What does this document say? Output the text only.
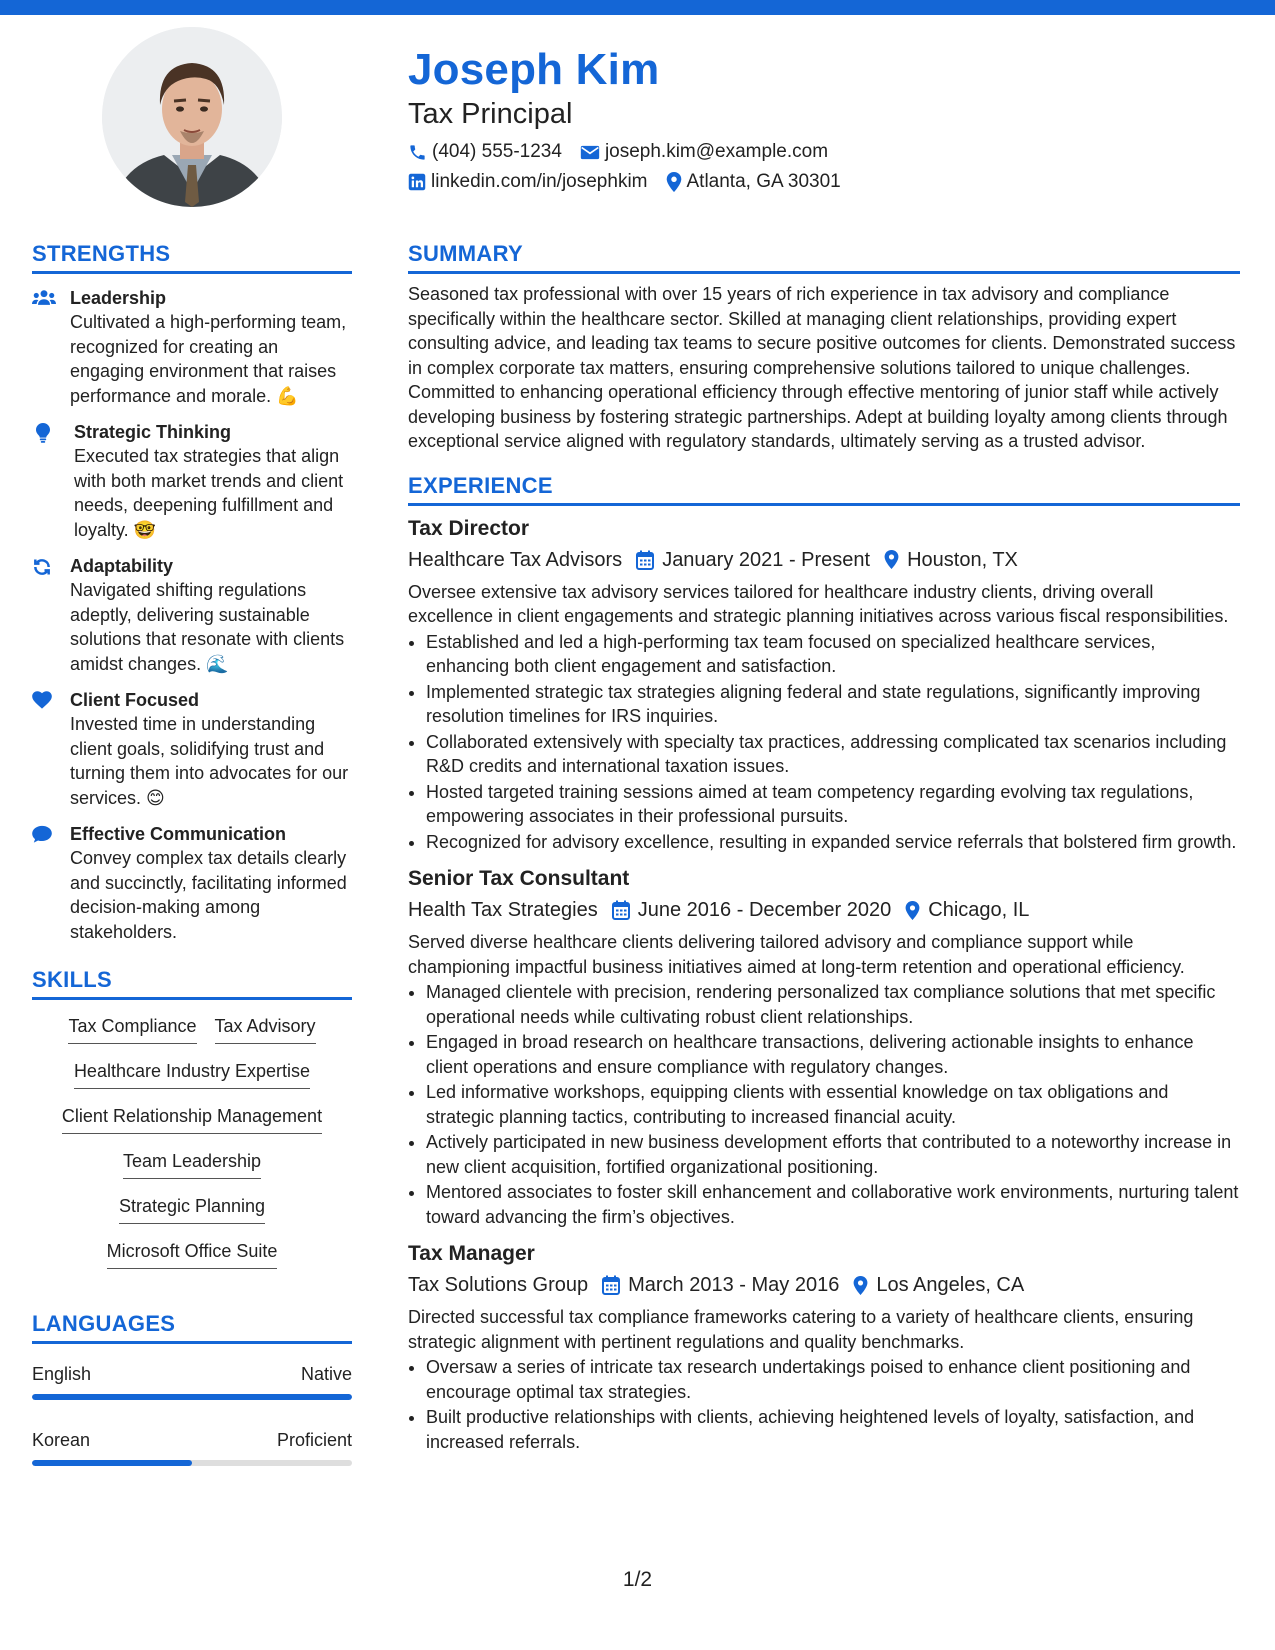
Joseph Kim
Tax Principal
(404) 555-1234 joseph.kim@example.com
linkedin.com/in/josephkim Atlanta, GA 30301
STRENGTHS
Leadership
Cultivated a high-performing team, recognized for creating an engaging environment that raises performance and morale. 💪
Strategic Thinking
Executed tax strategies that align with both market trends and client needs, deepening fulfillment and loyalty. 🤓
Adaptability
Navigated shifting regulations adeptly, delivering sustainable solutions that resonate with clients amidst changes. 🌊
Client Focused
Invested time in understanding client goals, solidifying trust and turning them into advocates for our services. 😊
Effective Communication
Convey complex tax details clearly and succinctly, facilitating informed decision-making among stakeholders.
SKILLS
Tax Compliance Tax Advisory
Healthcare Industry Expertise
Client Relationship Management
Team Leadership
Strategic Planning
Microsoft Office Suite
LANGUAGES
English	Native
Korean	Proficient
SUMMARY
Seasoned tax professional with over 15 years of rich experience in tax advisory and compliance specifically within the healthcare sector. Skilled at managing client relationships, providing expert consulting advice, and leading tax teams to secure positive outcomes for clients. Demonstrated success in complex corporate tax matters, ensuring comprehensive solutions tailored to unique challenges. Committed to enhancing operational efficiency through effective mentoring of junior staff while actively developing business by fostering strategic partnerships. Adept at building loyalty among clients through exceptional service aligned with regulatory standards, ultimately serving as a trusted advisor.
EXPERIENCE
Tax Director
Healthcare Tax Advisors January 2021 - Present Houston, TX
Oversee extensive tax advisory services tailored for healthcare industry clients, driving overall excellence in client engagements and strategic planning initiatives across various fiscal responsibilities.
• Established and led a high-performing tax team focused on specialized healthcare services, enhancing both client engagement and satisfaction.
• Implemented strategic tax strategies aligning federal and state regulations, significantly improving resolution timelines for IRS inquiries.
• Collaborated extensively with specialty tax practices, addressing complicated tax scenarios including R&D credits and international taxation issues.
• Hosted targeted training sessions aimed at team competency regarding evolving tax regulations, empowering associates in their professional pursuits.
• Recognized for advisory excellence, resulting in expanded service referrals that bolstered firm growth.
Senior Tax Consultant
Health Tax Strategies June 2016 - December 2020 Chicago, IL
Served diverse healthcare clients delivering tailored advisory and compliance support while championing impactful business initiatives aimed at long-term retention and operational efficiency.
• Managed clientele with precision, rendering personalized tax compliance solutions that met specific operational needs while cultivating robust client relationships.
• Engaged in broad research on healthcare transactions, delivering actionable insights to enhance client operations and ensure compliance with regulatory changes.
• Led informative workshops, equipping clients with essential knowledge on tax obligations and strategic planning tactics, contributing to increased financial acuity.
• Actively participated in new business development efforts that contributed to a noteworthy increase in new client acquisition, fortified organizational positioning.
• Mentored associates to foster skill enhancement and collaborative work environments, nurturing talent toward advancing the firm’s objectives.
Tax Manager
Tax Solutions Group March 2013 - May 2016 Los Angeles, CA
Directed successful tax compliance frameworks catering to a variety of healthcare clients, ensuring strategic alignment with pertinent regulations and quality benchmarks.
• Oversaw a series of intricate tax research undertakings poised to enhance client positioning and encourage optimal tax strategies.
• Built productive relationships with clients, achieving heightened levels of loyalty, satisfaction, and increased referrals.
1/2
